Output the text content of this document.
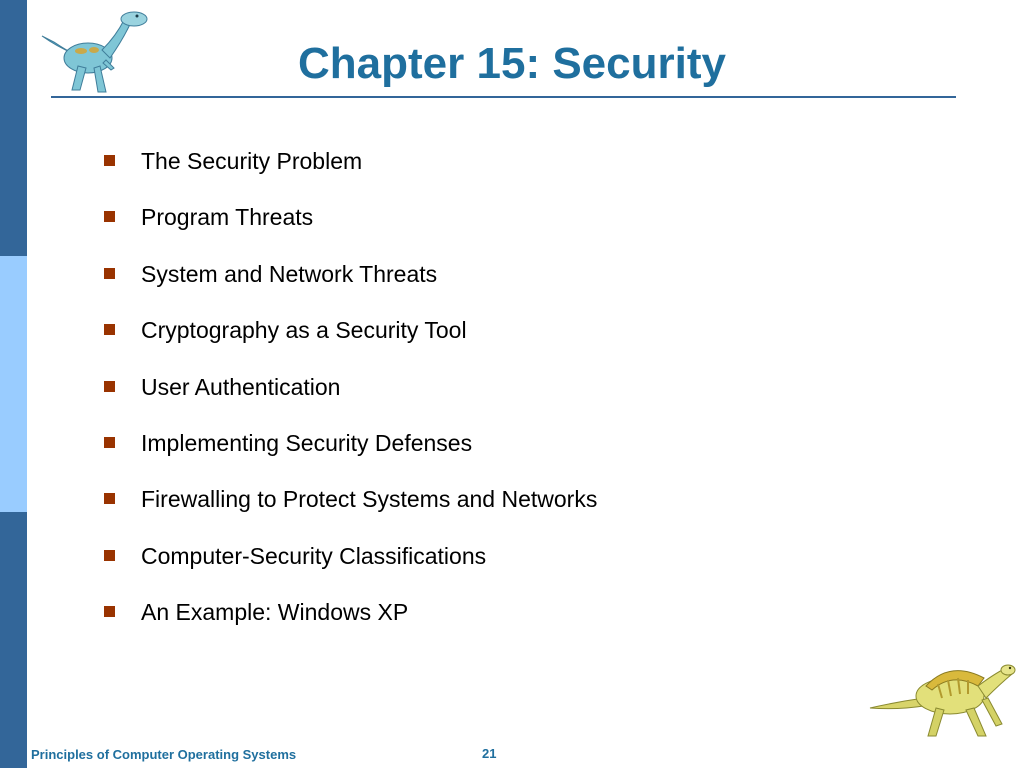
Chapter 15: Security
The Security Problem
Program Threats
System and Network Threats
Cryptography as a Security Tool
User Authentication
Implementing Security Defenses
Firewalling to Protect Systems and Networks
Computer-Security Classifications
An Example: Windows XP
Principles of Computer Operating Systems	21
